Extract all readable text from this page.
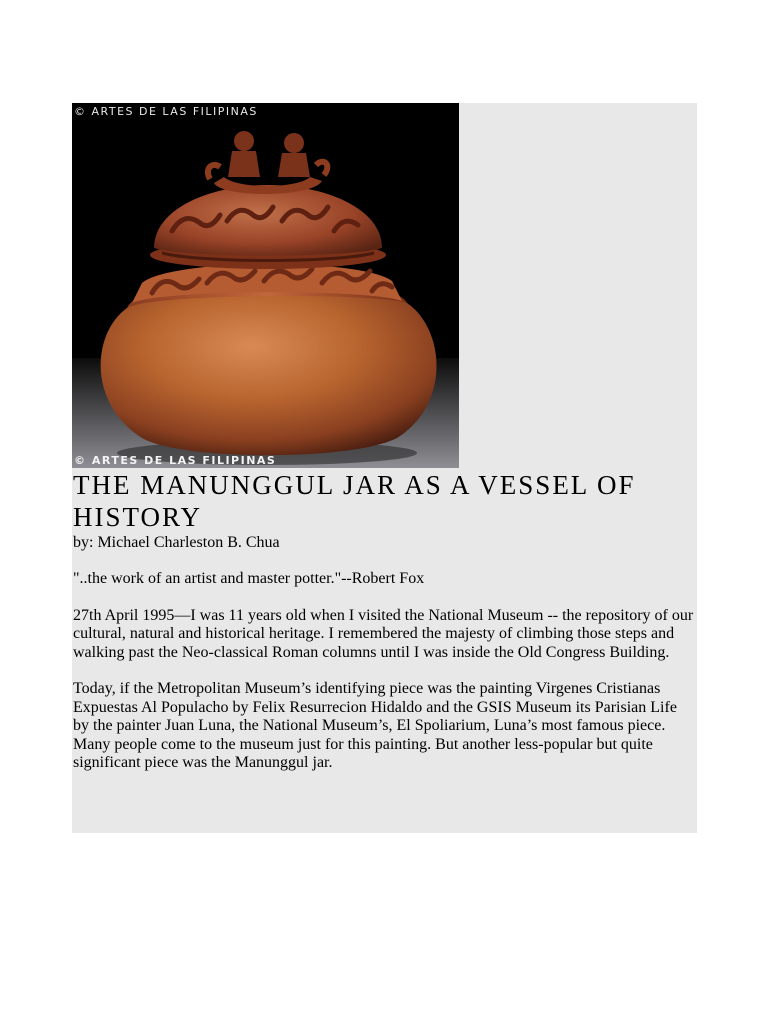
© ARTES DE LAS FILIPINAS
© ARTES DE LAS FILIPINAS
THE MANUNGGUL JAR AS A VESSEL OF HISTORY

by: Michael Charleston B. Chua

"..the work of an artist and master potter."--Robert Fox

27th April 1995—I was 11 years old when I visited the National Museum -- the repository of our cultural, natural and historical heritage. I remembered the majesty of climbing those steps and walking past the Neo-classical Roman columns until I was inside the Old Congress Building.

Today, if the Metropolitan Museum’s identifying piece was the painting Virgenes Cristianas Expuestas Al Populacho by Felix Resurrecion Hidaldo and the GSIS Museum its Parisian Life by the painter Juan Luna, the National Museum’s, El Spoliarium, Luna’s most famous piece. Many people come to the museum just for this painting. But another less-popular but quite significant piece was the Manunggul jar.
